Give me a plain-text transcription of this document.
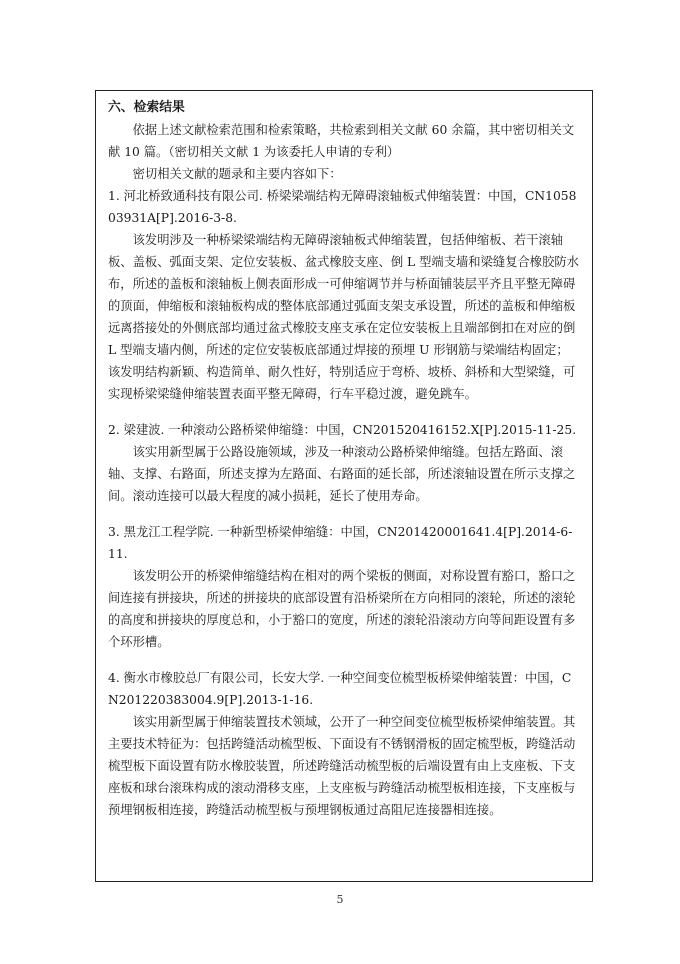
六、检索结果

依据上述文献检索范围和检索策略，共检索到相关文献 60 余篇，其中密切相关文献 10 篇。（密切相关文献 1 为该委托人申请的专利）

密切相关文献的题录和主要内容如下：

1. 河北桥致通科技有限公司. 桥梁梁端结构无障碍滚轴板式伸缩装置：中国，CN105803931A[P].2016-3-8.

该发明涉及一种桥梁梁端结构无障碍滚轴板式伸缩装置，包括伸缩板、若干滚轴板、盖板、弧面支架、定位安装板、盆式橡胶支座、倒 L 型端支墙和梁缝复合橡胶防水布，所述的盖板和滚轴板上侧表面形成一可伸缩调节并与桥面铺装层平齐且平整无障碍的顶面，伸缩板和滚轴板构成的整体底部通过弧面支架支承设置，所述的盖板和伸缩板远离搭接处的外侧底部均通过盆式橡胶支座支承在定位安装板上且端部倒扣在对应的倒 L 型端支墙内侧，所述的定位安装板底部通过焊接的预埋 U 形钢筋与梁端结构固定；该发明结构新颖、构造简单、耐久性好，特别适应于弯桥、坡桥、斜桥和大型梁缝，可实现桥梁梁缝伸缩装置表面平整无障碍，行车平稳过渡，避免跳车。

2. 梁建波. 一种滚动公路桥梁伸缩缝：中国，CN201520416152.X[P].2015-11-25.

该实用新型属于公路设施领域，涉及一种滚动公路桥梁伸缩缝。包括左路面、滚轴、支撑、右路面，所述支撑为左路面、右路面的延长部，所述滚轴设置在所示支撑之间。滚动连接可以最大程度的减小损耗，延长了使用寿命。

3. 黑龙江工程学院. 一种新型桥梁伸缩缝：中国，CN201420001641.4[P].2014-6-11.

该发明公开的桥梁伸缩缝结构在相对的两个梁板的侧面，对称设置有豁口，豁口之间连接有拼接块，所述的拼接块的底部设置有沿桥梁所在方向相同的滚轮，所述的滚轮的高度和拼接块的厚度总和，小于豁口的宽度，所述的滚轮沿滚动方向等间距设置有多个环形槽。

4. 衡水市橡胶总厂有限公司，长安大学. 一种空间变位梳型板桥梁伸缩装置：中国，CN201220383004.9[P].2013-1-16.

该实用新型属于伸缩装置技术领域，公开了一种空间变位梳型板桥梁伸缩装置。其主要技术特征为：包括跨缝活动梳型板、下面设有不锈钢滑板的固定梳型板，跨缝活动梳型板下面设置有防水橡胶装置，所述跨缝活动梳型板的后端设置有由上支座板、下支座板和球台滚珠构成的滚动滑移支座，上支座板与跨缝活动梳型板相连接，下支座板与预埋钢板相连接，跨缝活动梳型板与预埋钢板通过高阻尼连接器相连接。

5
